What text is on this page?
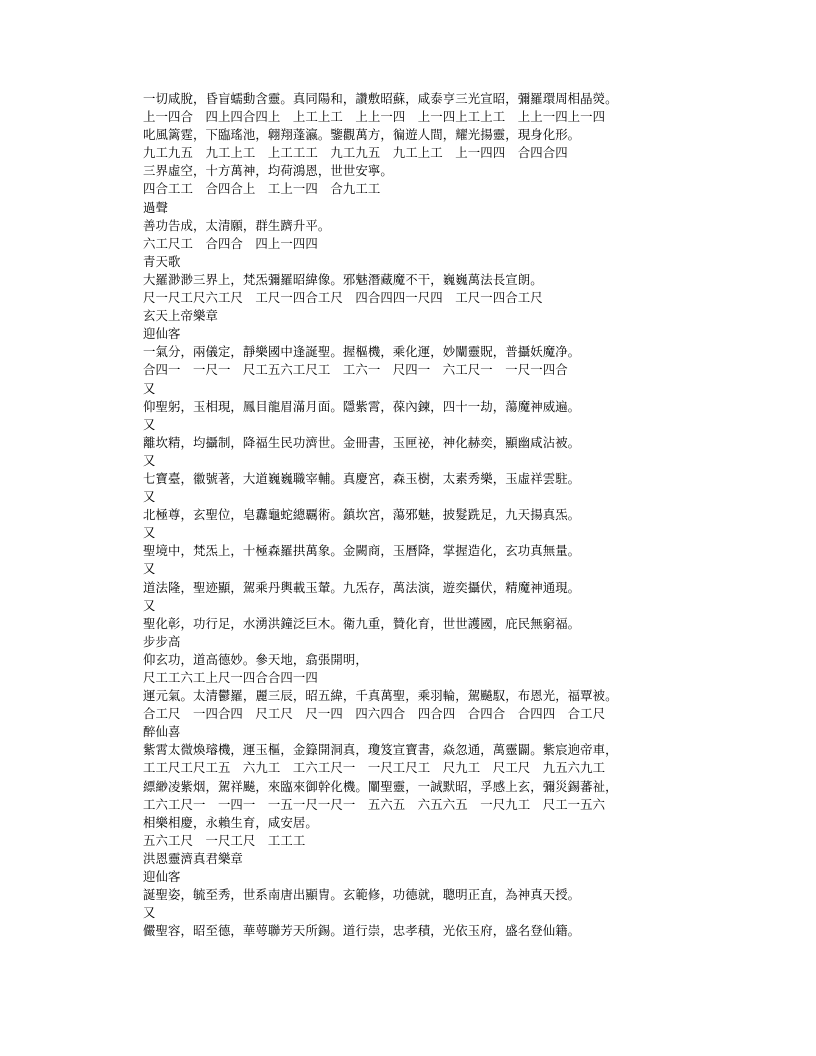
一切咸脫，昏盲蠕動含靈。真同陽和，讚敷昭蘇，咸泰亨三光宣昭，彌羅環周相晶熒。
上一四合　四上四合四上　上工上工　上上一四　上一四上工上工　上上一四上一四
叱風篱霆，下臨瑤池，翺翔蓬瀛。鑒觀萬方，徧遊人間，耀光揚靈，現身化形。
九工九五　九工上工　上工工工　九工九五　九工上工　上一四四　合四合四
三界虛空，十方萬神，均荷鴻恩，世世安寧。
四合工工　合四合上　工上一四　合九工工
過聲
善功告成，太清願，群生躋升平。
六工尺工　合四合　四上一四四
青天歌
大羅渺渺三界上，梵炁彌羅昭緯像。邪魅潛藏魔不干，巍巍萬法長宣朗。
尺一尺工尺六工尺　工尺一四合工尺　四合四四一尺四　工尺一四合工尺
玄天上帝樂章
迎仙客
一氣分，兩儀定，靜樂國中逢誕聖。握樞機，乘化運，妙闡靈貺，普攝妖魔净。
合四一　一尺一　尺工五六工尺工　工六一　尺四一　六工尺一　一尺一四合
又
仰聖躬，玉相現，鳳目龍眉滿月面。隱紫霄，葆內鍊，四十一劫，蕩魔神威遍。
又
離坎精，均攝制，降福生民功濟世。金冊書，玉匣祕，神化赫奕，顯幽咸沾被。
又
七寶臺，徽號著，大道巍巍職宰輔。真慶宮，森玉樹，太素秀樂，玉虛祥雲駐。
又
北極尊，玄聖位，皂纛龜蛇總覊術。鎮坎宮，蕩邪魅，披髮跣足，九天揚真炁。
又
聖境中，梵炁上，十極森羅拱萬象。金闕商，玉曆降，掌握造化，玄功真無量。
又
道法隆，聖迹顯，駕乘丹輿載玉輦。九炁存，萬法演，遊奕攝伏，精魔神通現。
又
聖化彰，功行足，水湧洪鐘泛巨木。衛九重，贊化育，世世護國，庇民無窮福。
步步高
仰玄功，道高德妙。參天地，翕張開明，
尺工工六工上尺一四合合四一四
運元氣。太清鬱羅，麗三辰，昭五緯，千真萬聖，乘羽輪，駕飇馭，布恩光，福覃被。
合工尺　一四合四　尺工尺　尺一四　四六四合　四合四　合四合　合四四　合工尺
醉仙喜
紫霄太微煥璿機，運玉樞，金籙開洞真，瓊笈宣寶書，焱忽通，萬靈闢。紫宸逈帝車，
工工尺工尺工五　六九工　工六工尺一　一尺工尺工　尺九工　尺工尺　九五六九工
縹緲凌紫烟，駕祥飇，來臨來御幹化機。闡聖靈，一誠默昭，孚感上玄，彌災錫蕃祉，
工六工尺一　一四一　一五一尺一尺一　五六五　六五六五　一尺九工　尺工一五六
相樂相慶，永賴生育，咸安居。
五六工尺　一尺工尺　工工工
洪恩靈濟真君樂章
迎仙客
誕聖姿，毓至秀，世系南唐出顯冑。玄範修，功德就，聰明正直，為神真天授。
又
儼聖容，昭至德，華萼聯芳天所錫。道行崇，忠孝積，光依玉府，盛名登仙籍。
